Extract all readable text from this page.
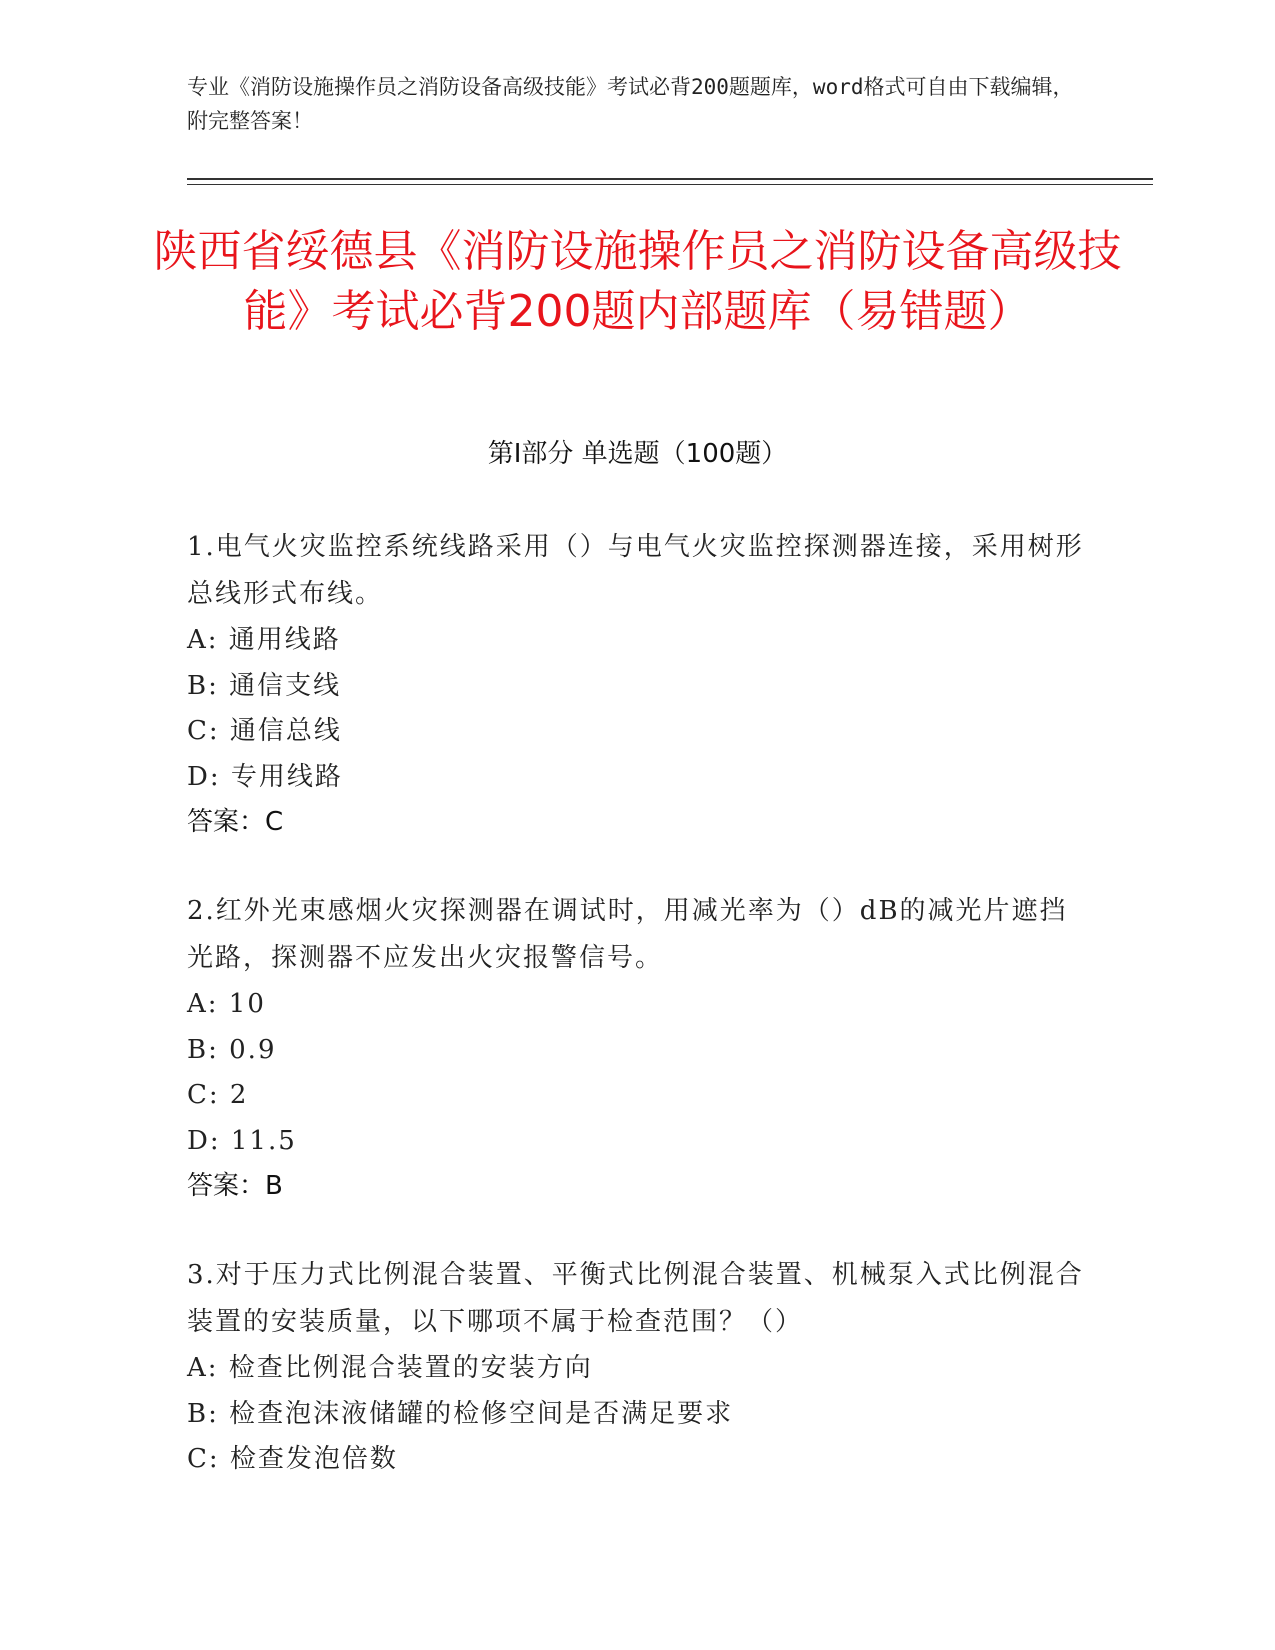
专业《消防设施操作员之消防设备高级技能》考试必背200题题库，word格式可自由下载编辑，附完整答案！

陕西省绥德县《消防设施操作员之消防设备高级技能》考试必背200题内部题库（易错题）
第I部分 单选题（100题）

1.电气火灾监控系统线路采用（）与电气火灾监控探测器连接，采用树形总线形式布线。

A: 通用线路

B: 通信支线

C: 通信总线

D: 专用线路

答案：C

2.红外光束感烟火灾探测器在调试时，用减光率为（）dB的减光片遮挡光路，探测器不应发出火灾报警信号。

A: 10

B: 0.9

C: 2

D: 11.5

答案：B

3.对于压力式比例混合装置、平衡式比例混合装置、机械泵入式比例混合装置的安装质量，以下哪项不属于检查范围？（）

A: 检查比例混合装置的安装方向

B: 检查泡沫液储罐的检修空间是否满足要求

C: 检查发泡倍数
